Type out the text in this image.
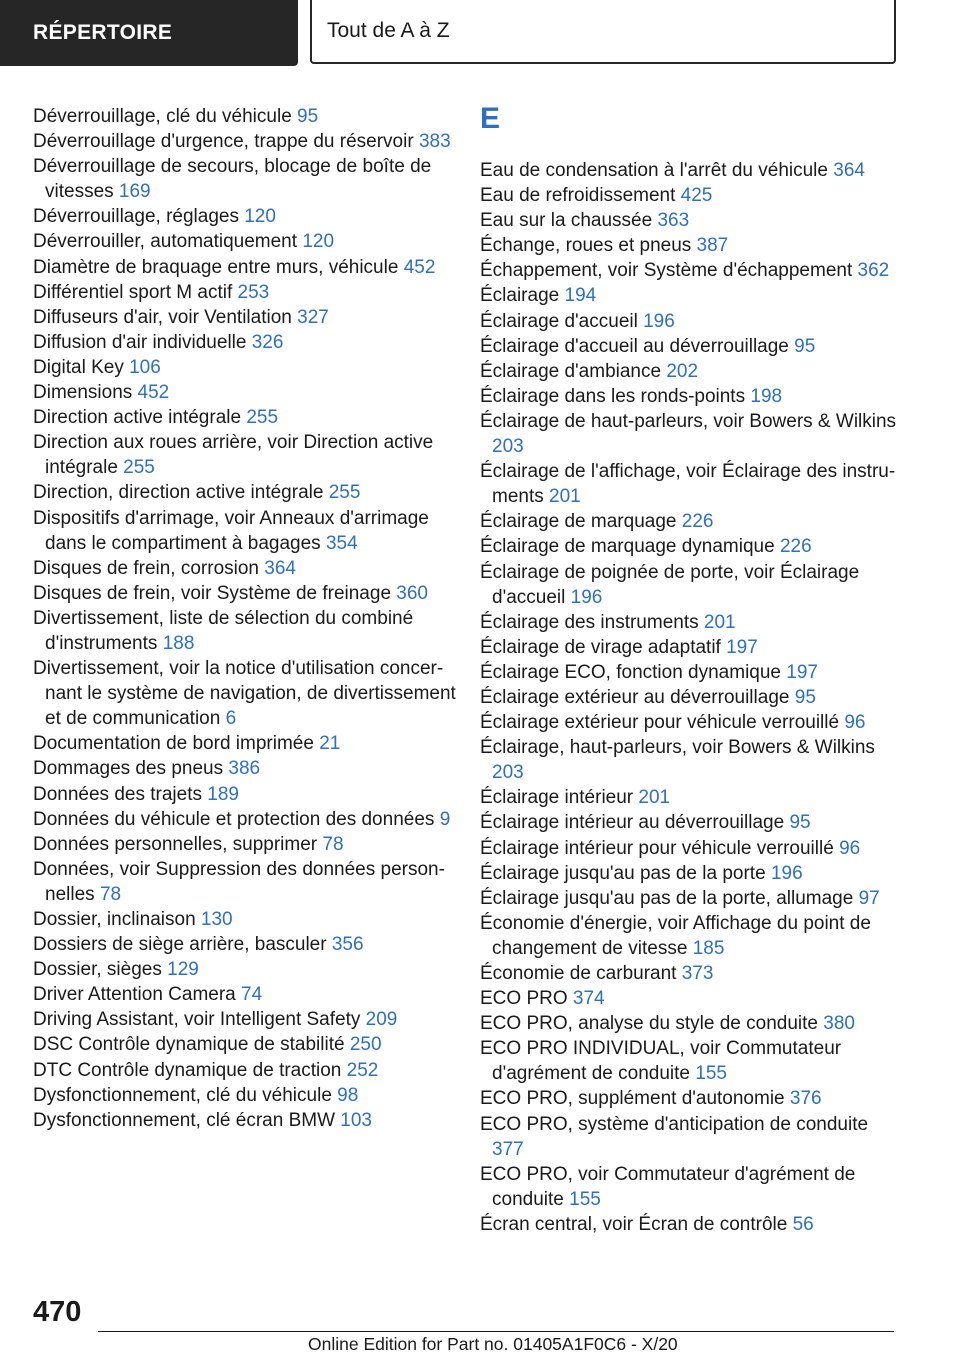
RÉPERTOIRE	Tout de A à Z
Déverrouillage, clé du véhicule 95
Déverrouillage d'urgence, trappe du réservoir 383
Déverrouillage de secours, blocage de boîte de vitesses 169
Déverrouillage, réglages 120
Déverrouiller, automatiquement 120
Diamètre de braquage entre murs, véhicule 452
Différentiel sport M actif 253
Diffuseurs d'air, voir Ventilation 327
Diffusion d'air individuelle 326
Digital Key 106
Dimensions 452
Direction active intégrale 255
Direction aux roues arrière, voir Direction active intégrale 255
Direction, direction active intégrale 255
Dispositifs d'arrimage, voir Anneaux d'arrimage dans le compartiment à bagages 354
Disques de frein, corrosion 364
Disques de frein, voir Système de freinage 360
Divertissement, liste de sélection du combiné d'instruments 188
Divertissement, voir la notice d'utilisation concernant le système de navigation, de divertissement et de communication 6
Documentation de bord imprimée 21
Dommages des pneus 386
Données des trajets 189
Données du véhicule et protection des données 9
Données personnelles, supprimer 78
Données, voir Suppression des données personnelles 78
Dossier, inclinaison 130
Dossiers de siège arrière, basculer 356
Dossier, sièges 129
Driver Attention Camera 74
Driving Assistant, voir Intelligent Safety 209
DSC Contrôle dynamique de stabilité 250
DTC Contrôle dynamique de traction 252
Dysfonctionnement, clé du véhicule 98
Dysfonctionnement, clé écran BMW 103
E
Eau de condensation à l'arrêt du véhicule 364
Eau de refroidissement 425
Eau sur la chaussée 363
Échange, roues et pneus 387
Échappement, voir Système d'échappement 362
Éclairage 194
Éclairage d'accueil 196
Éclairage d'accueil au déverrouillage 95
Éclairage d'ambiance 202
Éclairage dans les ronds-points 198
Éclairage de haut-parleurs, voir Bowers & Wilkins 203
Éclairage de l'affichage, voir Éclairage des instruments 201
Éclairage de marquage 226
Éclairage de marquage dynamique 226
Éclairage de poignée de porte, voir Éclairage d'accueil 196
Éclairage des instruments 201
Éclairage de virage adaptatif 197
Éclairage ECO, fonction dynamique 197
Éclairage extérieur au déverrouillage 95
Éclairage extérieur pour véhicule verrouillé 96
Éclairage, haut-parleurs, voir Bowers & Wilkins 203
Éclairage intérieur 201
Éclairage intérieur au déverrouillage 95
Éclairage intérieur pour véhicule verrouillé 96
Éclairage jusqu'au pas de la porte 196
Éclairage jusqu'au pas de la porte, allumage 97
Économie d'énergie, voir Affichage du point de changement de vitesse 185
Économie de carburant 373
ECO PRO 374
ECO PRO, analyse du style de conduite 380
ECO PRO INDIVIDUAL, voir Commutateur d'agrément de conduite 155
ECO PRO, supplément d'autonomie 376
ECO PRO, système d'anticipation de conduite 377
ECO PRO, voir Commutateur d'agrément de conduite 155
Écran central, voir Écran de contrôle 56
470
Online Edition for Part no. 01405A1F0C6 - X/20
